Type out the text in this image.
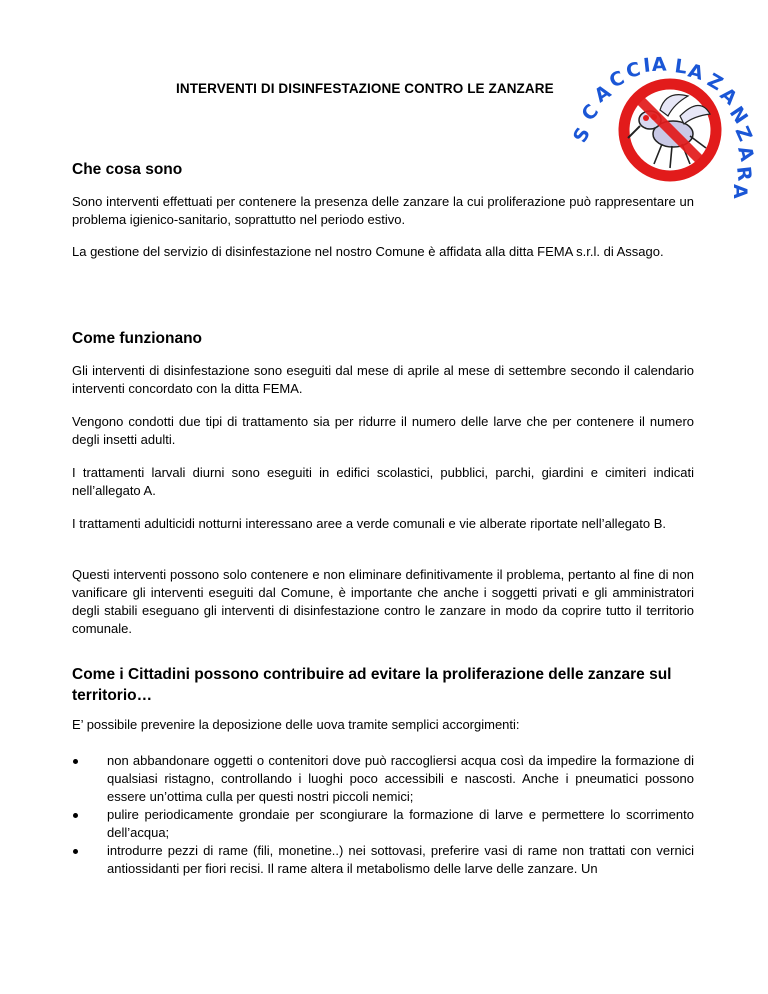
INTERVENTI DI DISINFESTAZIONE CONTRO LE ZANZARE
S
C
A
C
C I A L
A
Z
A
N
Z
A
R
A
Che cosa sono
Sono interventi effettuati per contenere la presenza delle zanzare la cui proliferazione può rappresentare un problema igienico-sanitario, soprattutto nel periodo estivo.
La gestione del servizio di disinfestazione nel nostro Comune è affidata alla ditta FEMA s.r.l. di Assago.
Come funzionano
Gli interventi di disinfestazione sono eseguiti dal mese di aprile al mese di settembre secondo il calendario interventi concordato con la ditta FEMA.
Vengono condotti due tipi di trattamento sia per ridurre il numero delle larve che per contenere il numero degli insetti adulti.
I trattamenti larvali diurni sono eseguiti in edifici scolastici, pubblici, parchi, giardini e cimiteri indicati nell’allegato A.
I trattamenti adulticidi notturni interessano aree a verde comunali e vie alberate riportate nell’allegato B.
Questi interventi possono solo contenere e non eliminare definitivamente il problema, pertanto al fine di non vanificare gli interventi eseguiti dal Comune, è importante che anche i soggetti privati e gli amministratori degli stabili eseguano gli interventi di disinfestazione contro le zanzare in modo da coprire tutto il territorio comunale.
Come i Cittadini possono contribuire ad evitare la proliferazione delle zanzare sul territorio…
E’ possibile prevenire la deposizione delle uova tramite semplici accorgimenti:
non abbandonare oggetti o contenitori dove può raccogliersi acqua così da impedire la formazione di qualsiasi ristagno, controllando i luoghi poco accessibili e nascosti. Anche i pneumatici possono essere un’ottima culla per questi nostri piccoli nemici;
pulire periodicamente grondaie per scongiurare la formazione di larve e permettere lo scorrimento dell’acqua;
introdurre pezzi di rame (fili, monetine..) nei sottovasi, preferire vasi di rame non trattati con vernici antiossidanti per fiori recisi. Il rame altera il metabolismo delle larve delle zanzare. Un
